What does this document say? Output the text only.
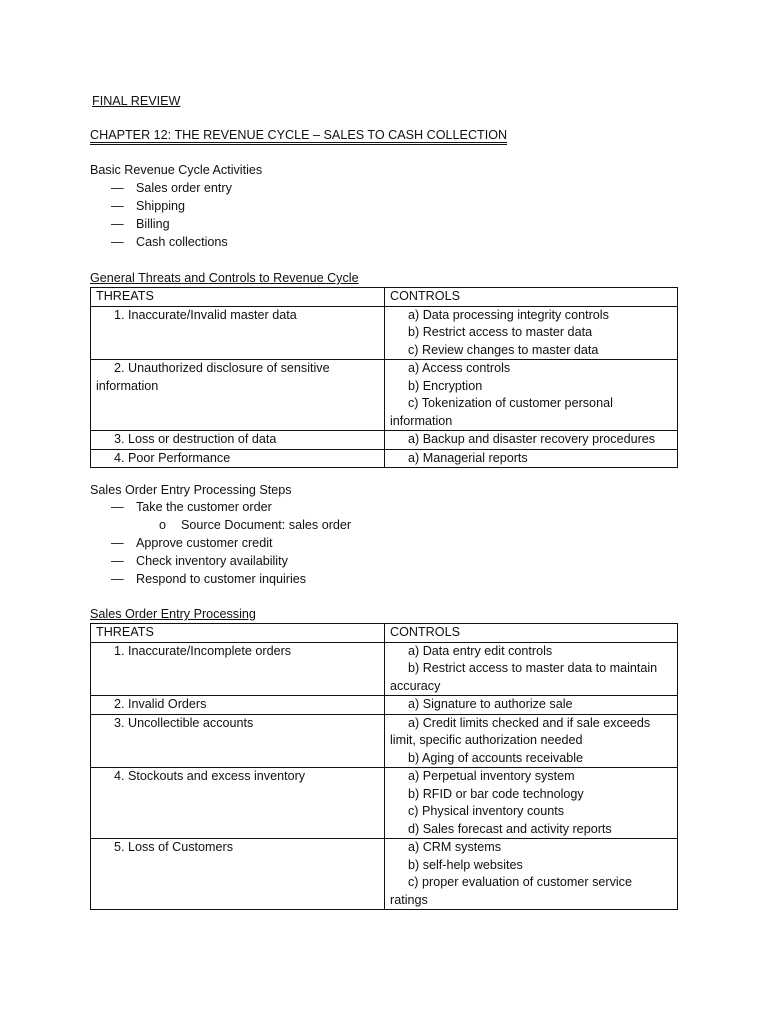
FINAL REVIEW
CHAPTER 12: THE REVENUE CYCLE – SALES TO CASH COLLECTION
Basic Revenue Cycle Activities
— Sales order entry
— Shipping
— Billing
— Cash collections
General Threats and Controls to Revenue Cycle
THREATS	CONTROLS

1. Inaccurate/Invalid master data	a) Data processing integrity controls
b) Restrict access to master data
c) Review changes to master data

2. Unauthorized disclosure of sensitive
information	a) Access controls
b) Encryption
c) Tokenization of customer personal
information

3. Loss or destruction of data	a) Backup and disaster recovery procedures

4. Poor Performance	a) Managerial reports
Sales Order Entry Processing Steps
— Take the customer order
o Source Document: sales order
— Approve customer credit
— Check inventory availability
— Respond to customer inquiries
Sales Order Entry Processing
THREATS	CONTROLS

1. Inaccurate/Incomplete orders	a) Data entry edit controls
b) Restrict access to master data to maintain
accuracy

2. Invalid Orders	a) Signature to authorize sale

3. Uncollectible accounts	a) Credit limits checked and if sale exceeds
limit, specific authorization needed
b) Aging of accounts receivable

4. Stockouts and excess inventory	a) Perpetual inventory system
b) RFID or bar code technology
c) Physical inventory counts
d) Sales forecast and activity reports

5. Loss of Customers	a) CRM systems
b) self-help websites
c) proper evaluation of customer service
ratings
